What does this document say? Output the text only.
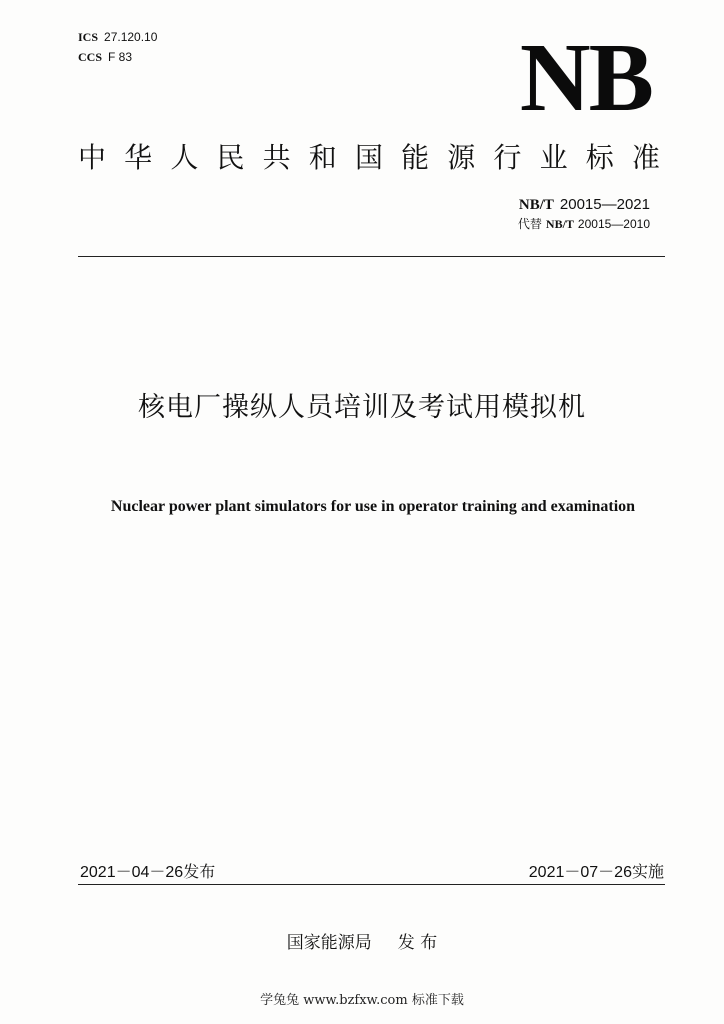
ICS 27.120.10
CCS F 83	NB
中 华 人 民 共 和 国 能 源 行 业 标 准
NB/T 20015—2021
代替 NB/T 20015—2010
核电厂操纵人员培训及考试用模拟机
Nuclear power plant simulators for use in operator training and examination
2021－04－26发布	2021－07－26实施
国家能源局 发 布
学兔兔 www.bzfxw.com 标准下载
